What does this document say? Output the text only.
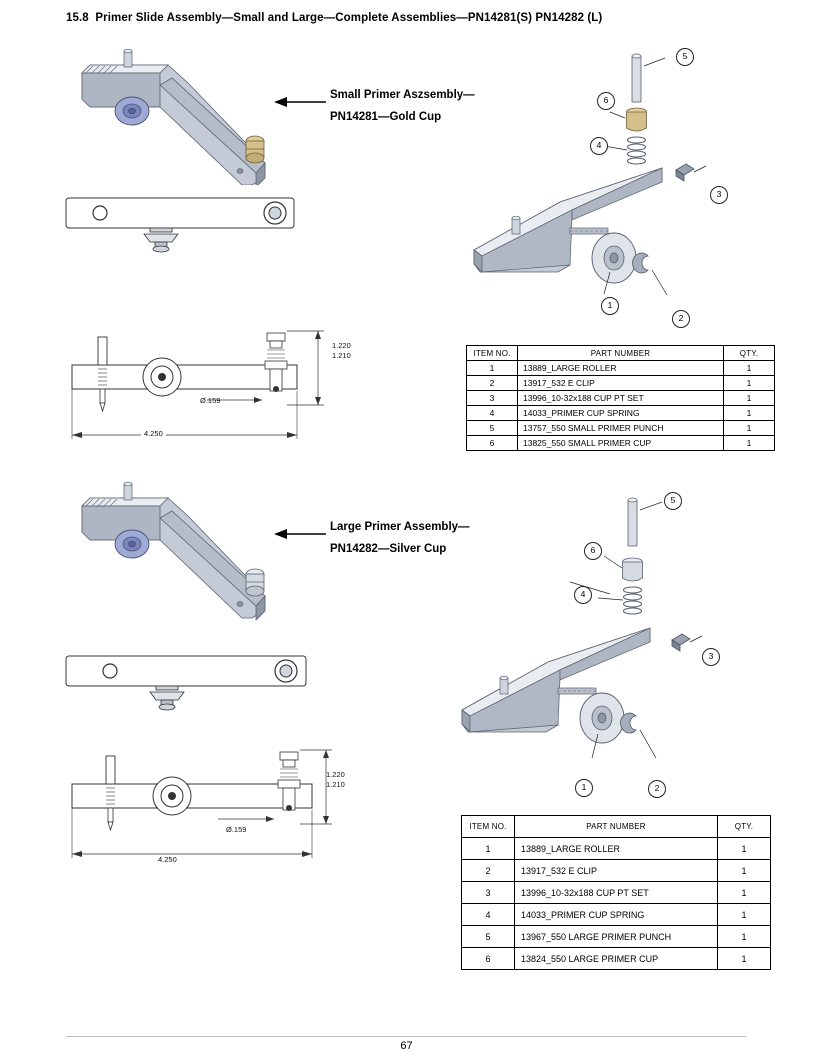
15.8 Primer Slide Assembly—Small and Large—Complete Assemblies—PN14281(S) PN14282 (L)
Small Primer Aszsembly—
PN14281—Gold Cup
1.220
1.210
Ø.159
4.250
5
6
4
3
1
2
ITEM NO.	PART NUMBER	QTY.
1	13889_LARGE ROLLER	1
2	13917_532 E CLIP	1
3	13996_10-32x188 CUP PT SET	1
4	14033_PRIMER CUP SPRING	1
5	13757_550 SMALL PRIMER PUNCH	1
6	13825_550 SMALL PRIMER CUP	1
Large Primer Assembly—
PN14282—Silver Cup
1.220
1.210
Ø.159
4.250
5
6
4
3
1	2
ITEM NO.	PART NUMBER	QTY.
1	13889_LARGE ROLLER	1
2	13917_532 E CLIP	1
3	13996_10-32x188 CUP PT SET	1
4	14033_PRIMER CUP SPRING	1
5	13967_550 LARGE PRIMER PUNCH	1
6	13824_550 LARGE PRIMER CUP	1
67
